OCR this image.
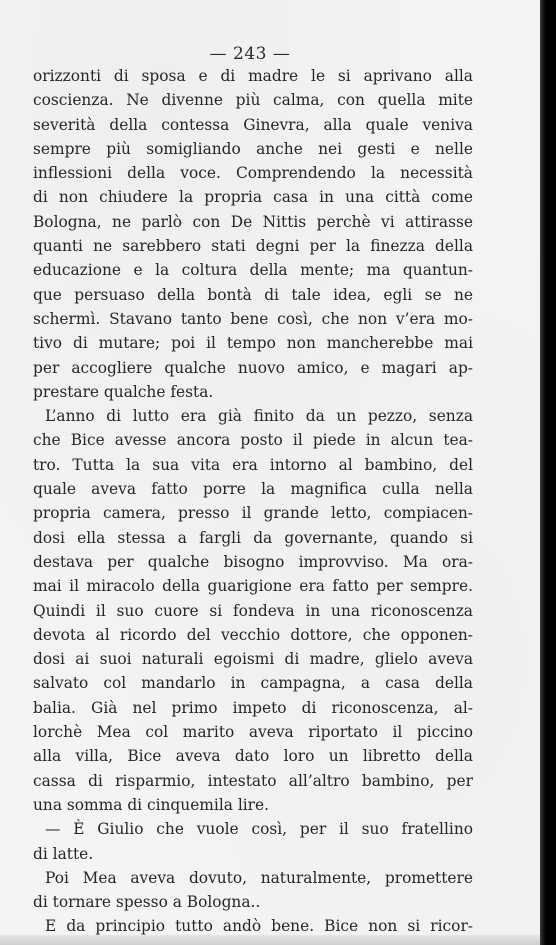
— 243 —
orizzonti di sposa e di madre le si aprivano alla
coscienza. Ne divenne più calma, con quella mite
severità della contessa Ginevra, alla quale veniva
sempre più somigliando anche nei gesti e nelle
inflessioni della voce. Comprendendo la necessità
di non chiudere la propria casa in una città come
Bologna, ne parlò con De Nittis perchè vi attirasse
quanti ne sarebbero stati degni per la finezza della
educazione e la coltura della mente; ma quantun-
que persuaso della bontà di tale idea, egli se ne
schermì. Stavano tanto bene così, che non v’era mo-
tivo di mutare; poi il tempo non mancherebbe mai
per accogliere qualche nuovo amico, e magari ap-
prestare qualche festa.
L’anno di lutto era già finito da un pezzo, senza
che Bice avesse ancora posto il piede in alcun tea-
tro. Tutta la sua vita era intorno al bambino, del
quale aveva fatto porre la magnifica culla nella
propria camera, presso il grande letto, compiacen-
dosi ella stessa a fargli da governante, quando si
destava per qualche bisogno improvviso. Ma ora-
mai il miracolo della guarigione era fatto per sempre.
Quindi il suo cuore si fondeva in una riconoscenza
devota al ricordo del vecchio dottore, che opponen-
dosi ai suoi naturali egoismi di madre, glielo aveva
salvato col mandarlo in campagna, a casa della
balia. Già nel primo impeto di riconoscenza, al-
lorchè Mea col marito aveva riportato il piccino
alla villa, Bice aveva dato loro un libretto della
cassa di risparmio, intestato all’altro bambino, per
una somma di cinquemila lire.
— È Giulio che vuole così, per il suo fratellino
di latte.
Poi Mea aveva dovuto, naturalmente, promettere
di tornare spesso a Bologna..
E da principio tutto andò bene. Bice non si ricor-
